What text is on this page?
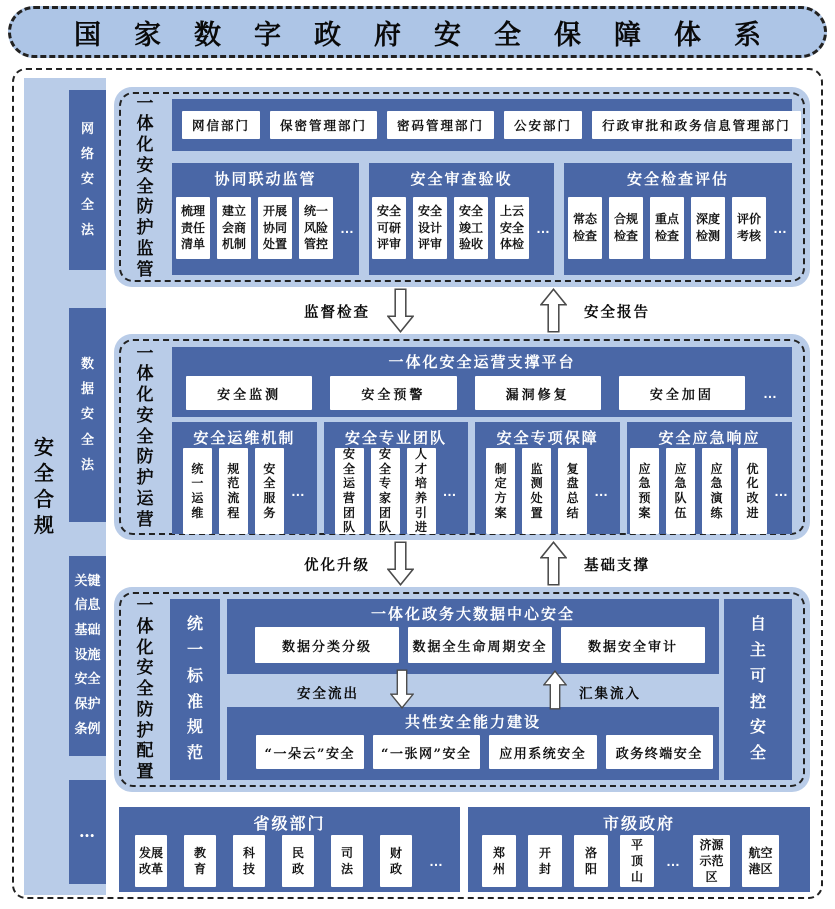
国家数字政府安全保障体系
安
全
合
规
网
络
安
全
法
数
据
安
全
法
关键
信息
基础
设施
安全
保护
条例
…
一
体
化
安
全
防
护
监
管
网信部门	保密管理部门	密码管理部门	公安部门	行政审批和政务信息管理部门	…
协同联动监管
梳理
责任
清单
建立
会商
机制
开展
协同
处置
统一
风险
管控
…
安全审查验收
安全
可研
评审
安全
设计
评审
安全
竣工
验收
上云
安全
体检
…
安全检查评估
常态
检查
合规
检查
重点
检查
深度
检测
评价
考核 …
监督检查	安全报告
一
体
化
安
全
防
护
运
营
一体化安全运营支撑平台
安全监测	安全预警	漏洞修复	安全加固	…
安全运维机制
统
一
运
维
规
范
流
程
安
全
服
务
…
安全专业团队
安
全
运
营
团
队
安
全
专
家
团
队
人
才
培
养
引
进
…
安全专项保障
制
定
方
案
监
测
处
置
复
盘
总
结
…
安全应急响应
应
急
预
案
应
急
队
伍
应
急
演
练
优
化
改
进
…
优化升级	基础支撑
一
体
化
安
全
防
护
配
置
统
一
标
准
规
范
一体化政务大数据中心安全
数据分类分级	数据全生命周期安全	数据安全审计
安全流出	汇集流入
共性安全能力建设
“一朵云”安全	“一张网”安全	应用系统安全	政务终端安全
自
主
可
控
安
全
省级部门
发展
改革
教
育
科
技
民
政
司
法
财
政	…
市级政府
郑
州
开
封
洛
阳
平
顶
山
…
济源
示范
区
航空
港区
